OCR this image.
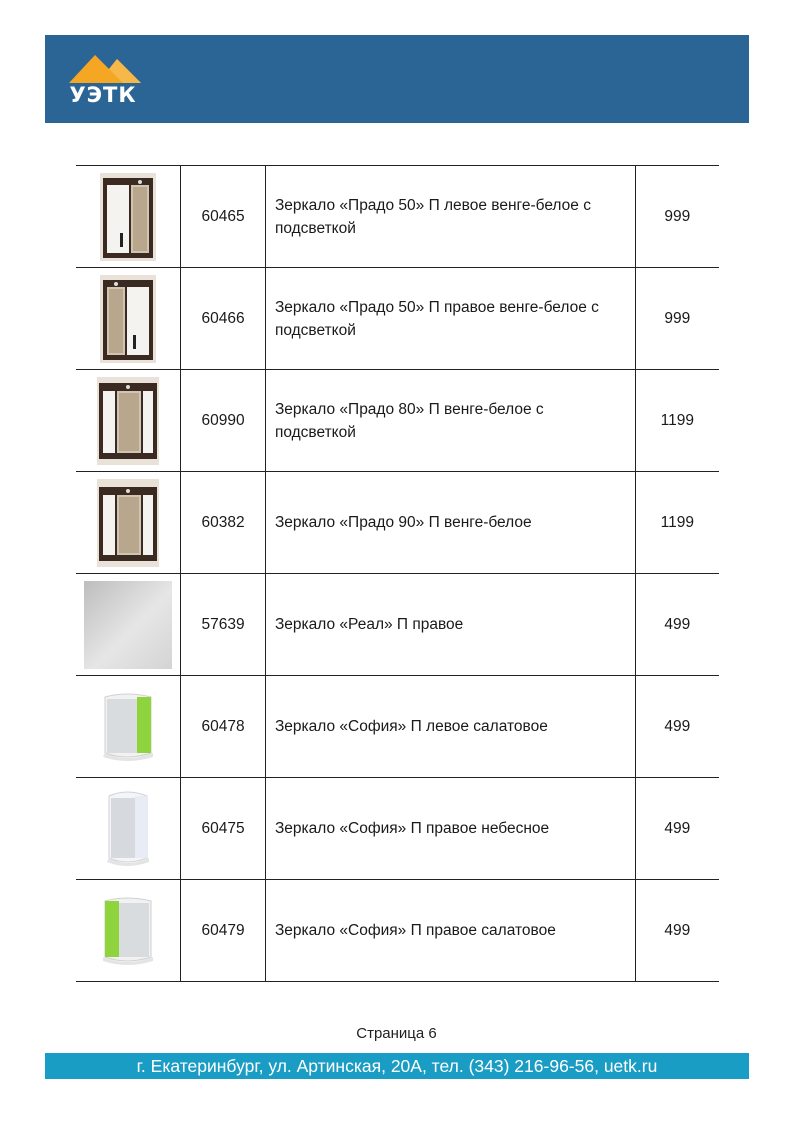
УЭТК
	60465	Зеркало «Прадо 50» П левое венге-белое с подсветкой	999

	60466	Зеркало «Прадо 50» П правое венге-белое с подсветкой	999

	60990	Зеркало «Прадо 80» П венге-белое с подсветкой	1199

	60382	Зеркало «Прадо 90» П венге-белое	1199

	57639	Зеркало «Реал» П правое	499

	60478	Зеркало «София» П левое салатовое	499

	60475	Зеркало «София» П правое небесное	499

	60479	Зеркало «София» П правое салатовое	499
Страница 6
г. Екатеринбург, ул. Артинская, 20А, тел. (343) 216-96-56, uetk.ru
